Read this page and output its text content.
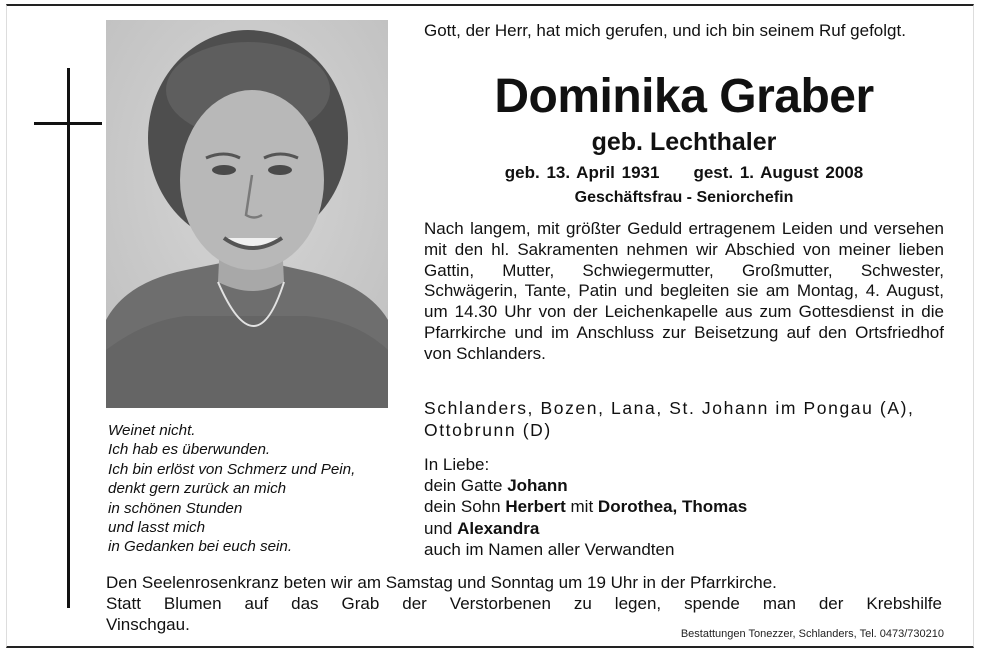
Weinet nicht.
Ich hab es überwunden.
Ich bin erlöst von Schmerz und Pein,
denkt gern zurück an mich
in schönen Stunden
und lasst mich
in Gedanken bei euch sein.
Gott, der Herr, hat mich gerufen, und ich bin seinem Ruf gefolgt.
Dominika Graber
geb. Lechthaler
geb. 13. April 1931 gest. 1. August 2008
Geschäftsfrau - Seniorchefin
Nach langem, mit größter Geduld ertragenem Leiden und versehen mit den hl. Sakramenten nehmen wir Abschied von meiner lieben Gattin, Mutter, Schwiegermutter, Großmutter, Schwester, Schwägerin, Tante, Patin und begleiten sie am Montag, 4. August, um 14.30 Uhr von der Leichenkapelle aus zum Gottesdienst in die Pfarrkirche und im Anschluss zur Beisetzung auf den Ortsfriedhof von Schlanders.
Schlanders, Bozen, Lana, St. Johann im Pongau (A), Ottobrunn (D)
In Liebe:
dein Gatte Johann
dein Sohn Herbert mit Dorothea, Thomas
und Alexandra
auch im Namen aller Verwandten
Den Seelenrosenkranz beten wir am Samstag und Sonntag um 19 Uhr in der Pfarrkirche.
Statt Blumen auf das Grab der Verstorbenen zu legen, spende man der Krebshilfe
Vinschgau.
Bestattungen Tonezzer, Schlanders, Tel. 0473/730210
